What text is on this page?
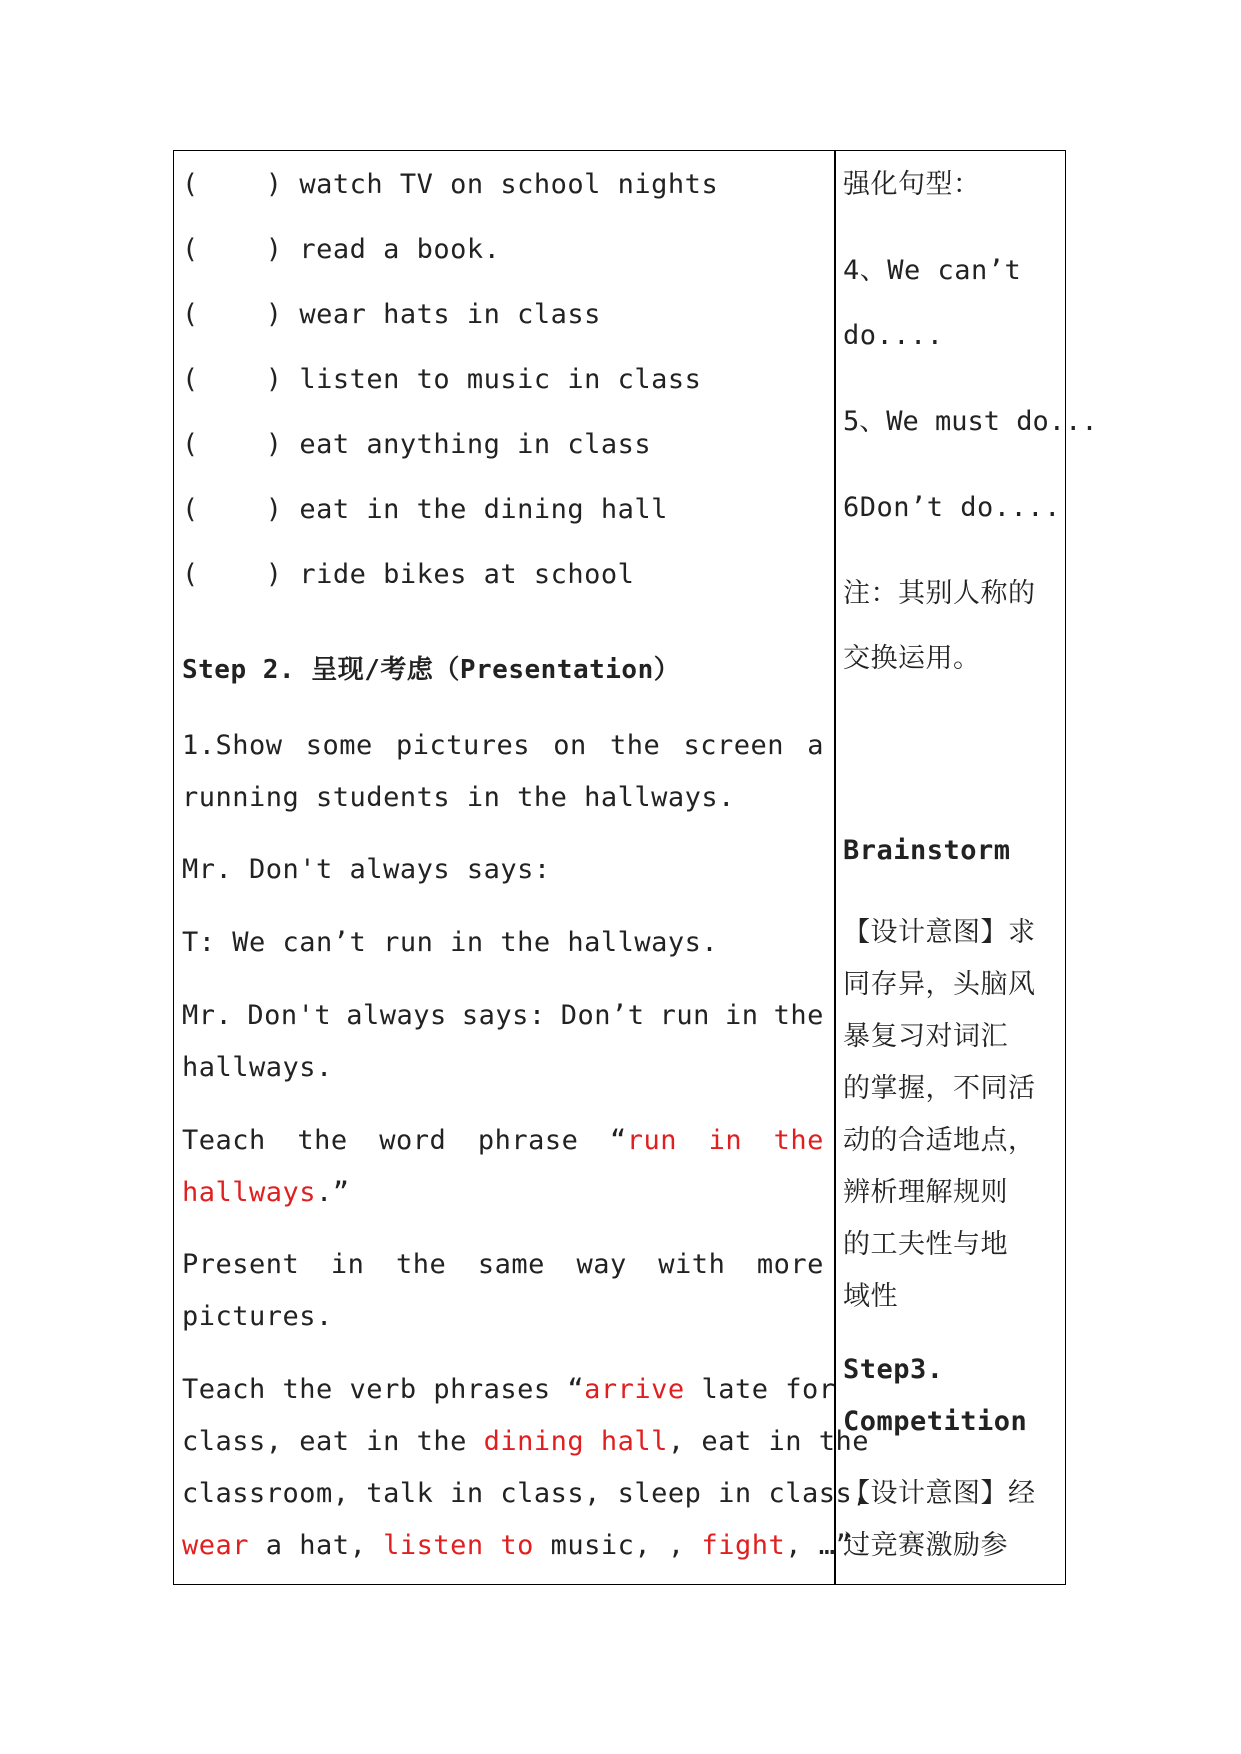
(    ) watch TV on school nights
(    ) read a book.
(    ) wear hats in class
(    ) listen to music in class
(    ) eat anything in class
(    ) eat in the dining hall
(    ) ride bikes at school
Step 2. 呈现/考虑（Presentation）
1.Show some pictures on the screen a
running students in the hallways.
Mr. Don't always says:
T: We can’t run in the hallways.
Mr. Don't always says: Don’t run in the
hallways.
Teach the word phrase “run in the
hallways.”
Present in the same way with more
pictures.
Teach the verb phrases “arrive late for
class, eat in the dining hall, eat in the
classroom, talk in class, sleep in class,
wear a hat, listen to music, , fight, …”
强化句型：
4、We can’t
do....
5、We must do...
6Don’t do....
注：其别人称的
交换运用。
Brainstorm
【设计意图】求
同存异，头脑风
暴复习对词汇
的掌握，不同活
动的合适地点，
辨析理解规则
的工夫性与地
域性
Step3.
Competition
【设计意图】经
过竞赛激励参
